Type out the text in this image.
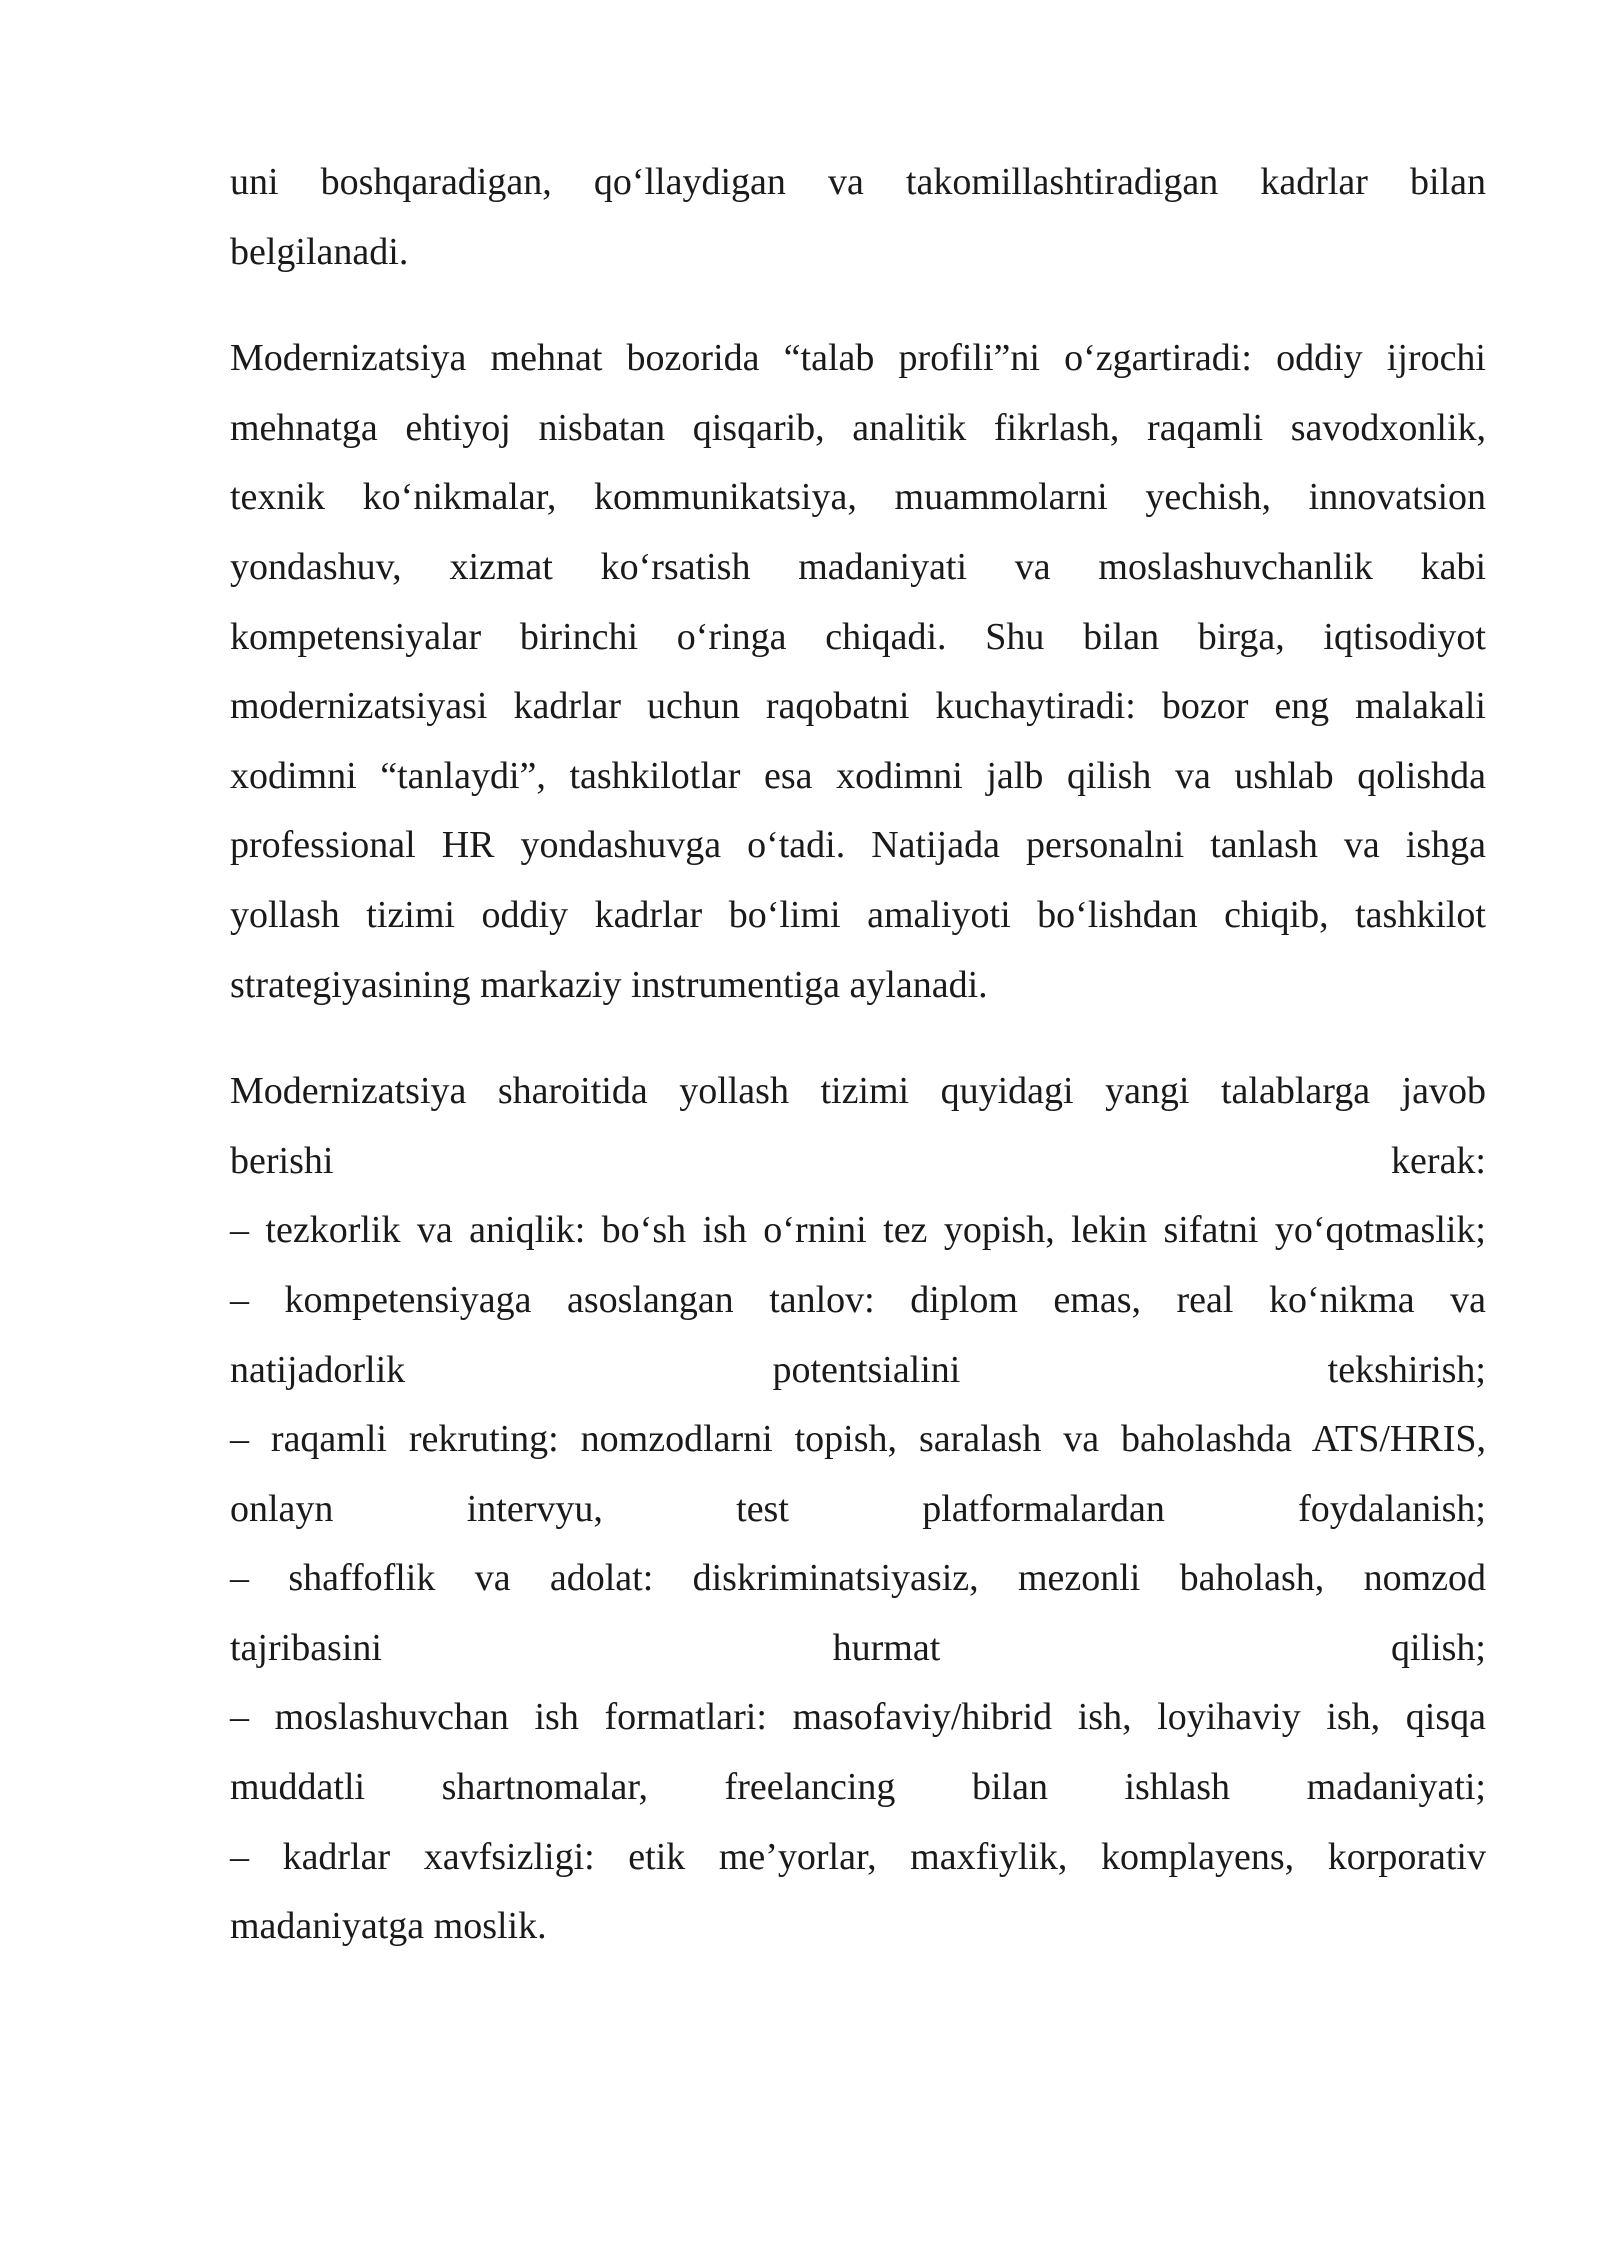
uni boshqaradigan, qo‘llaydigan va takomillashtiradigan kadrlar bilan
belgilanadi.

Modernizatsiya mehnat bozorida “talab profili”ni o‘zgartiradi: oddiy ijrochi
mehnatga ehtiyoj nisbatan qisqarib, analitik fikrlash, raqamli savodxonlik,
texnik ko‘nikmalar, kommunikatsiya, muammolarni yechish, innovatsion
yondashuv, xizmat ko‘rsatish madaniyati va moslashuvchanlik kabi
kompetensiyalar birinchi o‘ringa chiqadi. Shu bilan birga, iqtisodiyot
modernizatsiyasi kadrlar uchun raqobatni kuchaytiradi: bozor eng malakali
xodimni “tanlaydi”, tashkilotlar esa xodimni jalb qilish va ushlab qolishda
professional HR yondashuvga o‘tadi. Natijada personalni tanlash va ishga
yollash tizimi oddiy kadrlar bo‘limi amaliyoti bo‘lishdan chiqib, tashkilot
strategiyasining markaziy instrumentiga aylanadi.

Modernizatsiya sharoitida yollash tizimi quyidagi yangi talablarga javob
berishi kerak:
– tezkorlik va aniqlik: bo‘sh ish o‘rnini tez yopish, lekin sifatni yo‘qotmaslik;
– kompetensiyaga asoslangan tanlov: diplom emas, real ko‘nikma va
natijadorlik potentsialini tekshirish;
– raqamli rekruting: nomzodlarni topish, saralash va baholashda ATS/HRIS,
onlayn intervyu, test platformalardan foydalanish;
– shaffoflik va adolat: diskriminatsiyasiz, mezonli baholash, nomzod
tajribasini hurmat qilish;
– moslashuvchan ish formatlari: masofaviy/hibrid ish, loyihaviy ish, qisqa
muddatli shartnomalar, freelancing bilan ishlash madaniyati;
– kadrlar xavfsizligi: etik me’yorlar, maxfiylik, komplayens, korporativ
madaniyatga moslik.
